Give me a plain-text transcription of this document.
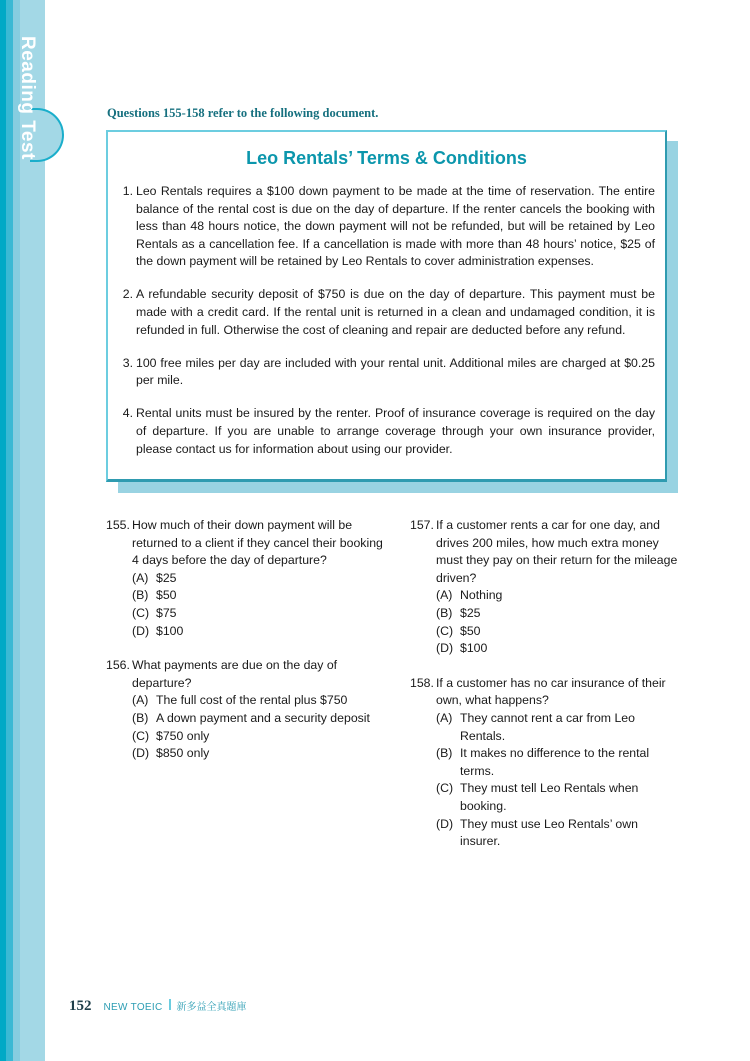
Reading Test	Questions 155-158 refer to the following document.
Leo Rentals’ Terms & Conditions
1. Leo Rentals requires a $100 down payment to be made at the time of reservation. The entire balance of the rental cost is due on the day of departure. If the renter cancels the booking with less than 48 hours notice, the down payment will not be refunded, but will be retained by Leo Rentals as a cancellation fee. If a cancellation is made with more than 48 hours’ notice, $25 of the down payment will be retained by Leo Rentals to cover administration expenses.
2. A refundable security deposit of $750 is due on the day of departure. This payment must be made with a credit card. If the rental unit is returned in a clean and undamaged condition, it is refunded in full. Otherwise the cost of cleaning and repair are deducted before any refund.
3. 100 free miles per day are included with your rental unit. Additional miles are charged at $0.25 per mile.
4. Rental units must be insured by the renter. Proof of insurance coverage is required on the day of departure. If you are unable to arrange coverage through your own insurance provider, please contact us for information about using our provider.
155. How much of their down payment will be returned to a client if they cancel their booking 4 days before the day of departure?
(A) $25
(B) $50
(C) $75
(D) $100
156. What payments are due on the day of departure?
(A) The full cost of the rental plus $750
(B) A down payment and a security deposit
(C) $750 only
(D) $850 only
157. If a customer rents a car for one day, and drives 200 miles, how much extra money must they pay on their return for the mileage driven?
(A) Nothing
(B) $25
(C) $50
(D) $100
158. If a customer has no car insurance of their own, what happens?
(A) They cannot rent a car from Leo Rentals.
(B) It makes no difference to the rental terms.
(C) They must tell Leo Rentals when booking.
(D) They must use Leo Rentals’ own insurer.
152 NEW TOEIC 新多益全真題庫
